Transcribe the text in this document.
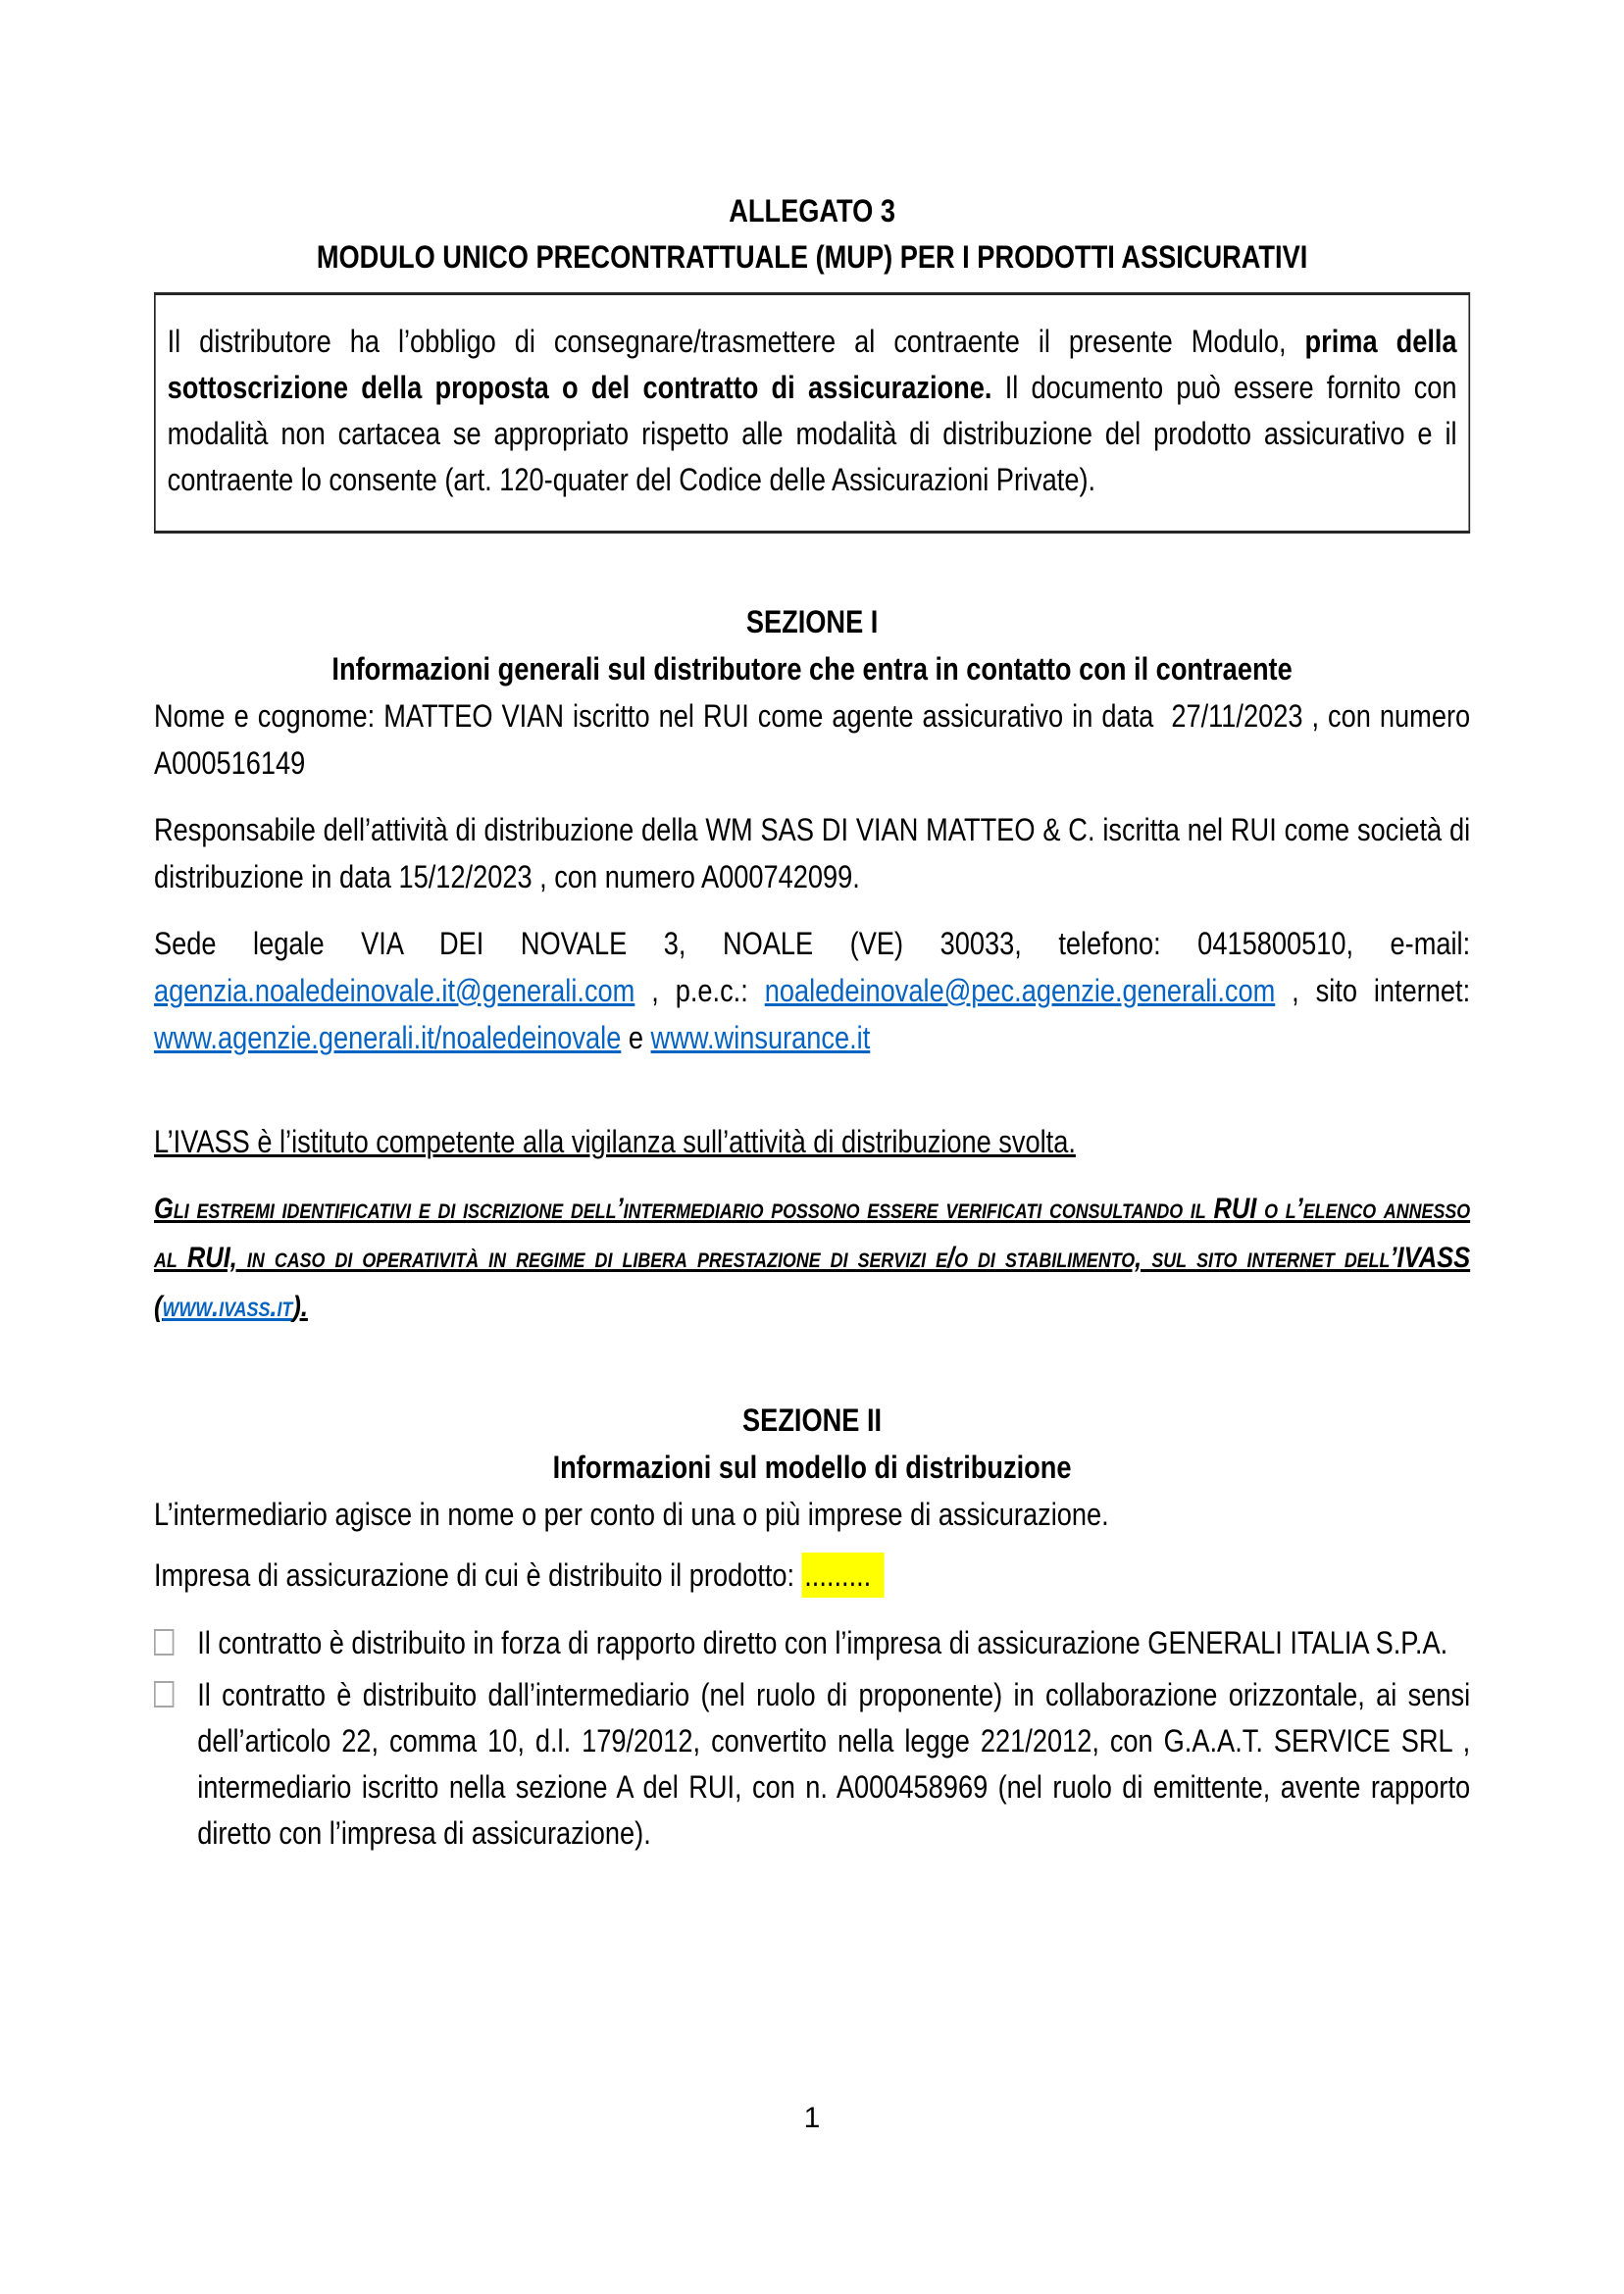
ALLEGATO 3
MODULO UNICO PRECONTRATTUALE (MUP) PER I PRODOTTI ASSICURATIVI

Il distributore ha l’obbligo di consegnare/trasmettere al contraente il presente Modulo, prima della sottoscrizione della proposta o del contratto di assicurazione. Il documento può essere fornito con modalità non cartacea se appropriato rispetto alle modalità di distribuzione del prodotto assicurativo e il contraente lo consente (art. 120-quater del Codice delle Assicurazioni Private).

SEZIONE I
Informazioni generali sul distributore che entra in contatto con il contraente

Nome e cognome: MATTEO VIAN iscritto nel RUI come agente assicurativo in data  27/11/2023 , con numero A000516149

Responsabile dell’attività di distribuzione della WM SAS DI VIAN MATTEO & C. iscritta nel RUI come società di distribuzione in data 15/12/2023 , con numero A000742099.

Sede legale VIA DEI NOVALE 3, NOALE (VE) 30033, telefono: 0415800510, e-mail: agenzia.noaledeinovale.it@generali.com , p.e.c.: noaledeinovale@pec.agenzie.generali.com , sito internet: www.agenzie.generali.it/noaledeinovale e www.winsurance.it

L’IVASS è l’istituto competente alla vigilanza sull’attività di distribuzione svolta.

Gli estremi identificativi e di iscrizione dell’intermediario possono essere verificati consultando il RUI o l’elenco annesso al RUI, in caso di operatività in regime di libera prestazione di servizi e/o di stabilimento, sul sito internet dell’IVASS (www.ivass.it).

SEZIONE II
Informazioni sul modello di distribuzione

L’intermediario agisce in nome o per conto di una o più imprese di assicurazione.

Impresa di assicurazione di cui è distribuito il prodotto: .........

Il contratto è distribuito in forza di rapporto diretto con l’impresa di assicurazione GENERALI ITALIA S.P.A.
Il contratto è distribuito dall’intermediario (nel ruolo di proponente) in collaborazione orizzontale, ai sensi dell’articolo 22, comma 10, d.l. 179/2012, convertito nella legge 221/2012, con G.A.A.T. SERVICE SRL , intermediario iscritto nella sezione A del RUI, con n. A000458969 (nel ruolo di emittente, avente rapporto diretto con l’impresa di assicurazione).
1
